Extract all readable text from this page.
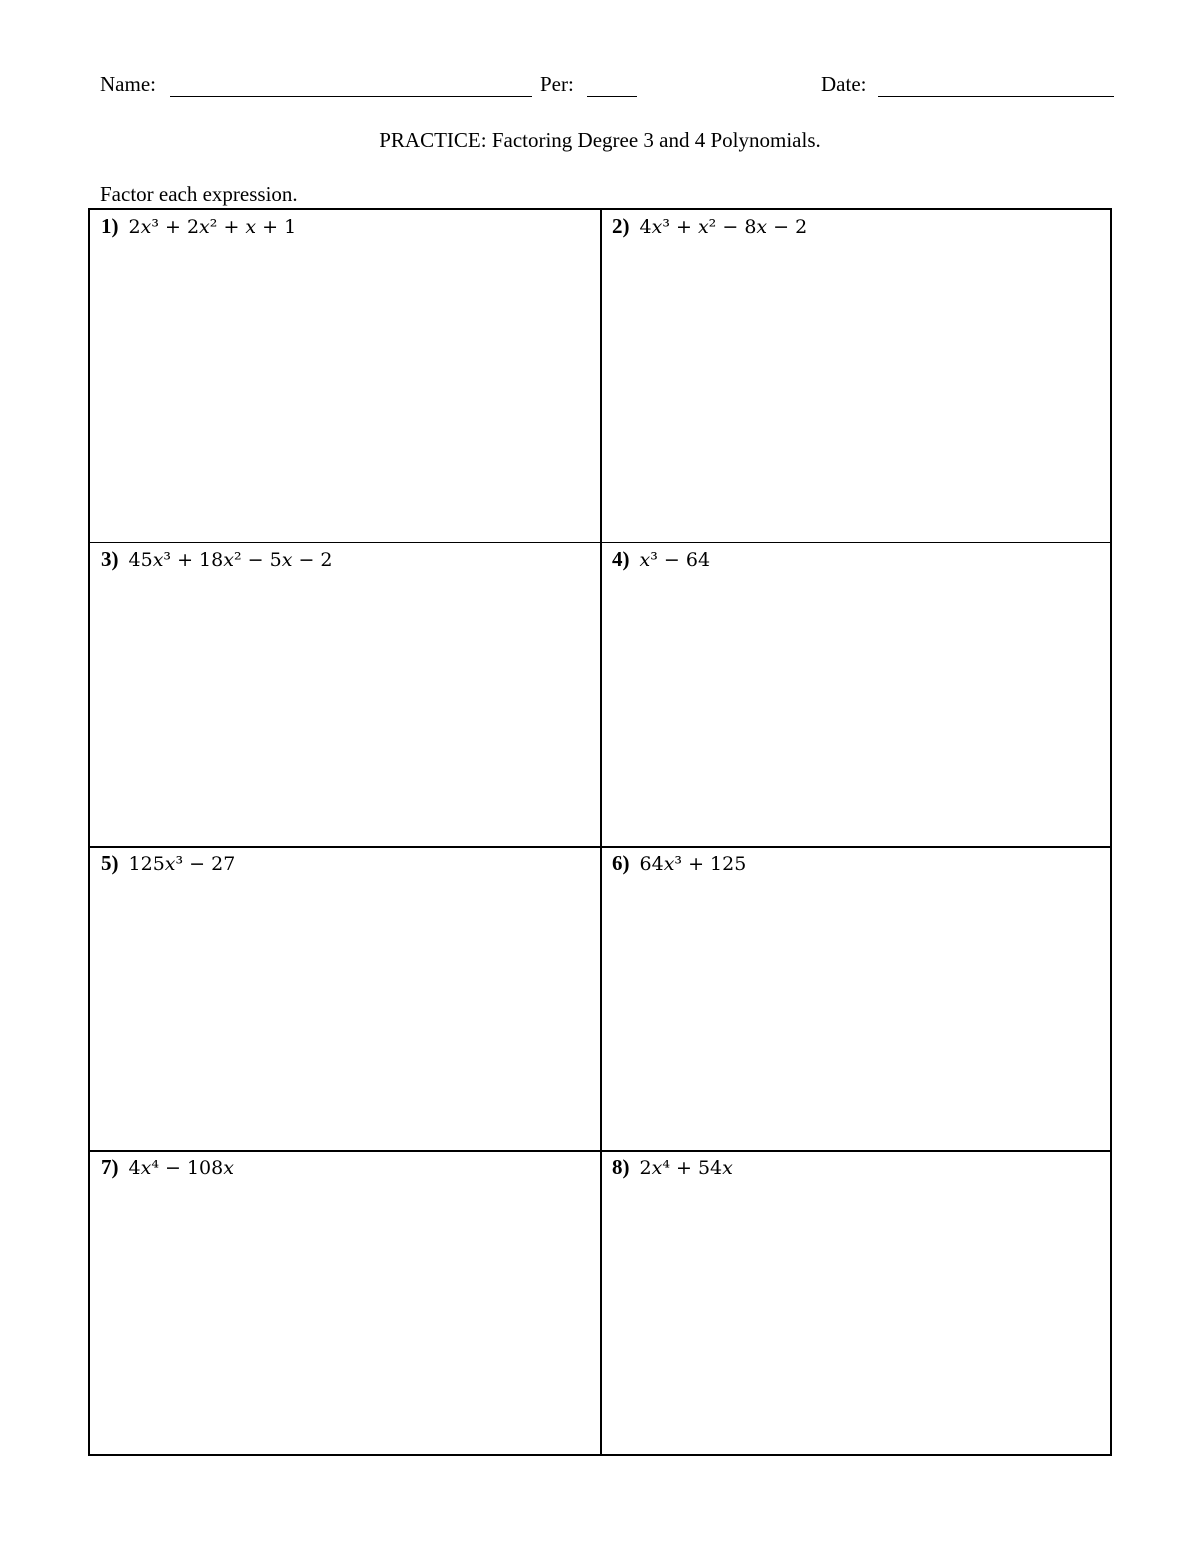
Name:	Per:	Date:
PRACTICE: Factoring Degree 3 and 4 Polynomials.
Factor each expression.
1) 2x³ + 2x² + x + 1	2) 4x³ + x² − 8x − 2
3) 45x³ + 18x² − 5x − 2	4) x³ − 64
5) 125x³ − 27	6) 64x³ + 125
7) 4x⁴ − 108x	8) 2x⁴ + 54x
